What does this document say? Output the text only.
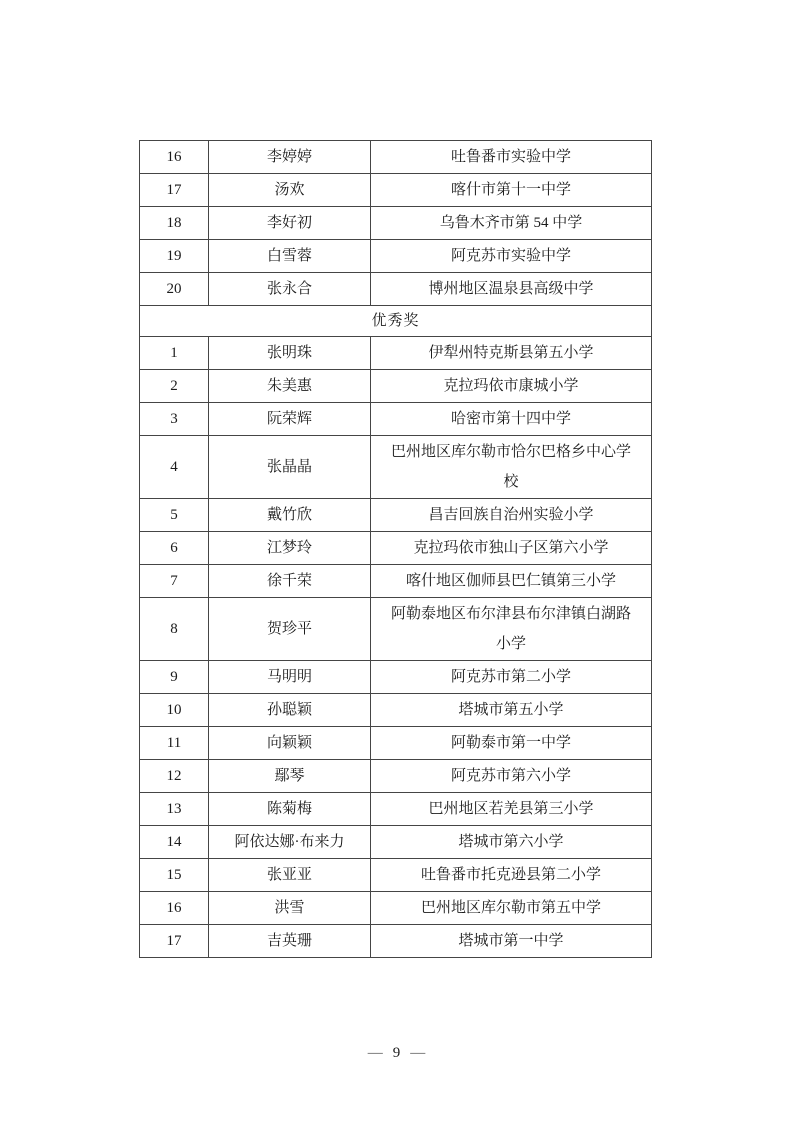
16	李婷婷	吐鲁番市实验中学
17	汤欢	喀什市第十一中学
18	李好初	乌鲁木齐市第 54 中学
19	白雪蓉	阿克苏市实验中学
20	张永合	博州地区温泉县高级中学
优秀奖		
1	张明珠	伊犁州特克斯县第五小学
2	朱美惠	克拉玛依市康城小学
3	阮荣辉	哈密市第十四中学
4	张晶晶	巴州地区库尔勒市恰尔巴格乡中心学校
5	戴竹欣	昌吉回族自治州实验小学
6	江梦玲	克拉玛依市独山子区第六小学
7	徐千荣	喀什地区伽师县巴仁镇第三小学
8	贺珍平	阿勒泰地区布尔津县布尔津镇白湖路小学
9	马明明	阿克苏市第二小学
10	孙聪颖	塔城市第五小学
11	向颖颖	阿勒泰市第一中学
12	鄢琴	阿克苏市第六小学
13	陈菊梅	巴州地区若羌县第三小学
14	阿依达娜·布来力	塔城市第六小学
15	张亚亚	吐鲁番市托克逊县第二小学
16	洪雪	巴州地区库尔勒市第五中学
17	吉英珊	塔城市第一中学
— 9 —
